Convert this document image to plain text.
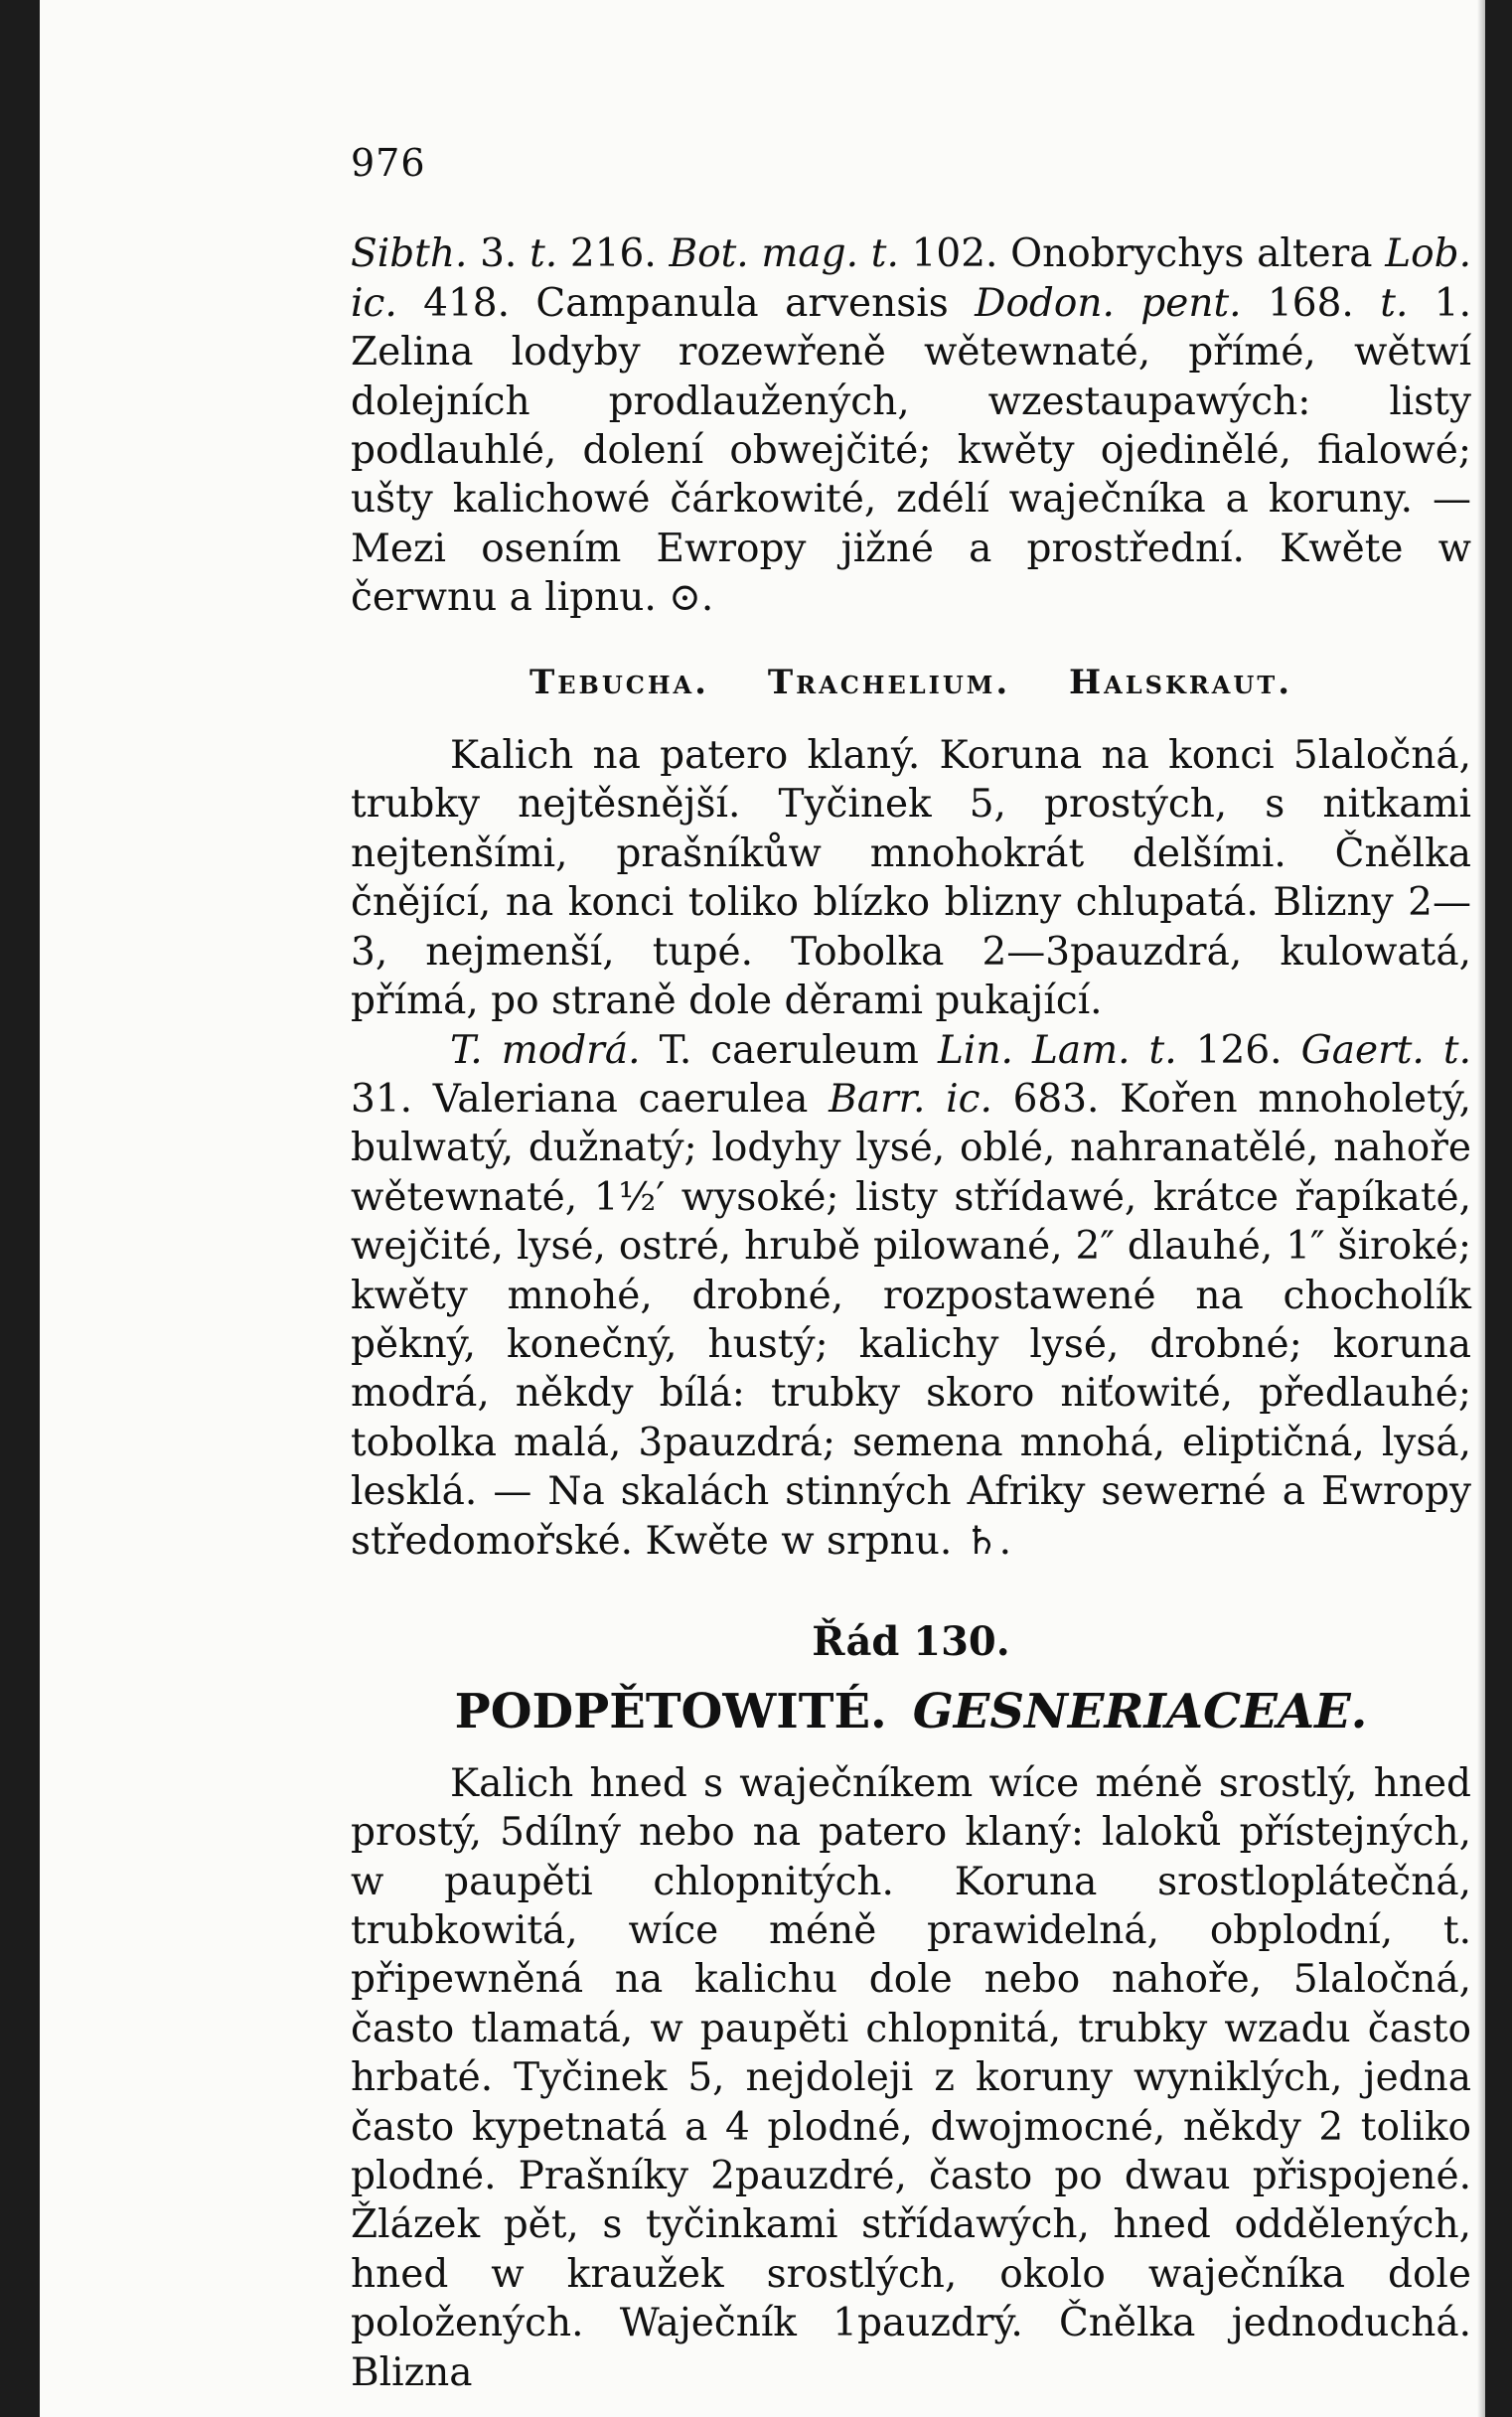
976

Sibth. 3. t. 216. Bot. mag. t. 102. Onobrychys altera Lob. ic. 418. Campanula arvensis Dodon. pent. 168. t. 1. Zelina lodyby rozewřeně wětewnaté, přímé, wětwí dolejních prodlaužených, wzestaupawých: listy podlauhlé, dolení obwejčité; kwěty ojedinělé, fialowé; ušty kalichowé čárkowité, zdélí waječníka a koruny. — Mezi osením Ewropy jižné a prostřední. Kwěte w čerwnu a lipnu. ⊙.

Tebucha. Trachelium. Halskraut.

Kalich na patero klaný. Koruna na konci 5laločná, trubky nejtěsnější. Tyčinek 5, prostých, s nitkami nejtenšími, prašníkůw mnohokrát delšími. Čnělka čnějící, na konci toliko blízko blizny chlupatá. Blizny 2—3, nejmenší, tupé. Tobolka 2—3pauzdrá, kulowatá, přímá, po straně dole děrami pukající.

T. modrá. T. caeruleum Lin. Lam. t. 126. Gaert. t. 31. Valeriana caerulea Barr. ic. 683. Kořen mnoholetý, bulwatý, dužnatý; lodyhy lysé, oblé, nahranatělé, nahoře wětewnaté, 1½′ wysoké; listy střídawé, krátce řapíkaté, wejčité, lysé, ostré, hrubě pilowané, 2″ dlauhé, 1″ široké; kwěty mnohé, drobné, rozpostawené na chocholík pěkný, konečný, hustý; kalichy lysé, drobné; koruna modrá, někdy bílá: trubky skoro niťowité, předlauhé; tobolka malá, 3pauzdrá; semena mnohá, eliptičná, lysá, lesklá. — Na skalách stinných Afriky sewerné a Ewropy středomořské. Kwěte w srpnu. ♄.

Řád 130.
PODPĚTOWITÉ. GESNERIACEAE.

Kalich hned s waječníkem wíce méně srostlý, hned prostý, 5dílný nebo na patero klaný: laloků přístejných, w paupěti chlopnitých. Koruna srostloplátečná, trubkowitá, wíce méně prawidelná, obplodní, t. připewněná na kalichu dole nebo nahoře, 5laločná, často tlamatá, w paupěti chlopnitá, trubky wzadu často hrbaté. Tyčinek 5, nejdoleji z koruny wyniklých, jedna často kypetnatá a 4 plodné, dwojmocné, někdy 2 toliko plodné. Prašníky 2pauzdré, často po dwau přispojené. Žlázek pět, s tyčinkami střídawých, hned oddělených, hned w kraužek srostlých, okolo waječníka dole položených. Waječník 1pauzdrý. Čnělka jednoduchá. Blizna
